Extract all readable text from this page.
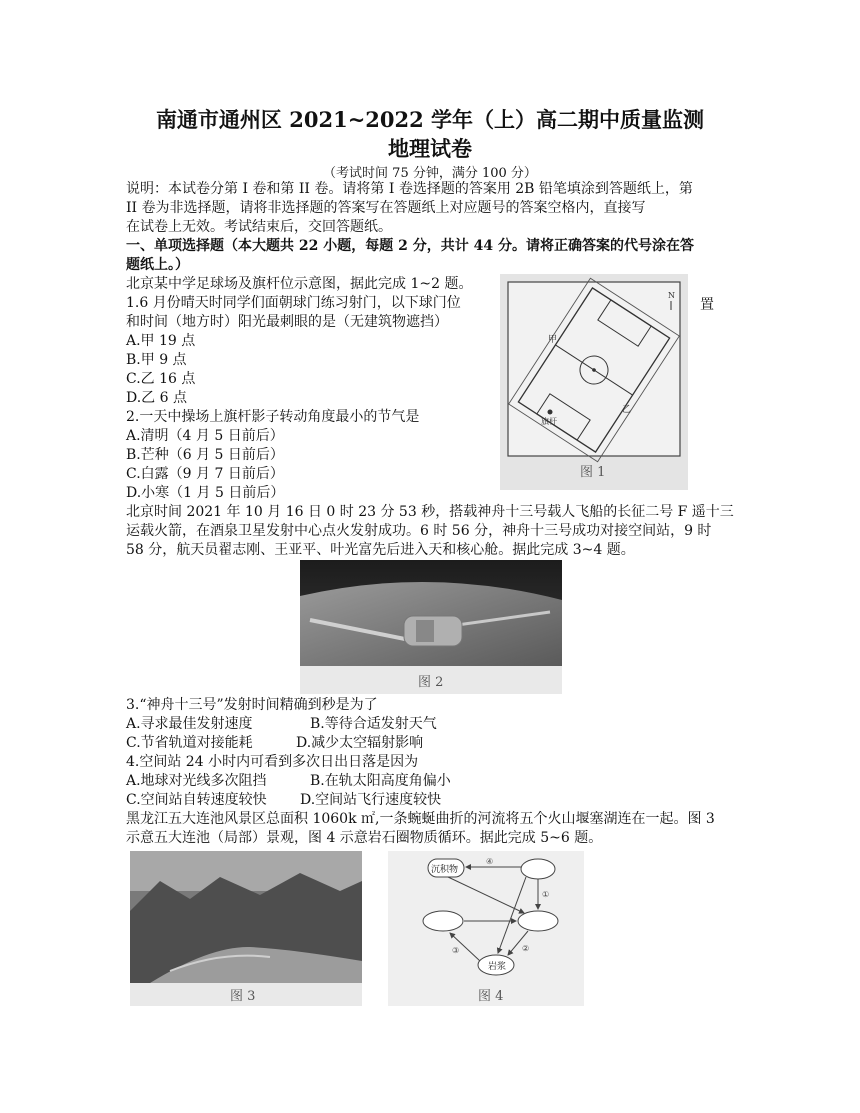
南通市通州区 2021~2022 学年（上）高二期中质量监测
地理试卷
（考试时间 75 分钟，满分 100 分）
说明：本试卷分第 I 卷和第 II 卷。请将第 I 卷选择题的答案用 2B 铅笔填涂到答题纸上，第
II 卷为非选择题，请将非选择题的答案写在答题纸上对应题号的答案空格内，直接写
在试卷上无效。考试结束后，交回答题纸。
一、单项选择题（本大题共 22 小题，每题 2 分，共计 44 分。请将正确答案的代号涂在答
题纸上。）
北京某中学足球场及旗杆位示意图，据此完成 1~2 题。
1.6 月份晴天时同学们面朝球门练习射门，以下球门位	置
和时间（地方时）阳光最刺眼的是（无建筑物遮挡）
A.甲 19 点
B.甲 9 点
C.乙 16 点
D.乙 6 点
2.一天中操场上旗杆影子转动角度最小的节气是
A.清明（4 月 5 日前后）
B.芒种（6 月 5 日前后）
C.白露（9 月 7 日前后）
D.小寒（1 月 5 日前后）
N
甲
乙
旗杆
图 1
北京时间 2021 年 10 月 16 日 0 时 23 分 53 秒，搭载神舟十三号载人飞船的长征二号 F 遥十三
运载火箭，在酒泉卫星发射中心点火发射成功。6 时 56 分，神舟十三号成功对接空间站，9 时
58 分，航天员翟志刚、王亚平、叶光富先后进入天和核心舱。据此完成 3~4 题。
图 2
3.“神舟十三号”发射时间精确到秒是为了
A.寻求最佳发射速度	B.等待合适发射天气
C.节省轨道对接能耗	D.减少太空辐射影响
4.空间站 24 小时内可看到多次日出日落是因为
A.地球对光线多次阻挡	B.在轨太阳高度角偏小
C.空间站自转速度较快 D.空间站飞行速度较快
黑龙江五大连池风景区总面积 1060k ㎡,一条蜿蜒曲折的河流将五个火山堰塞湖连在一起。图 3
示意五大连池（局部）景观，图 4 示意岩石圈物质循环。据此完成 5~6 题。
图 3
沉积物
岩浆
④
①
②
③
图 4
